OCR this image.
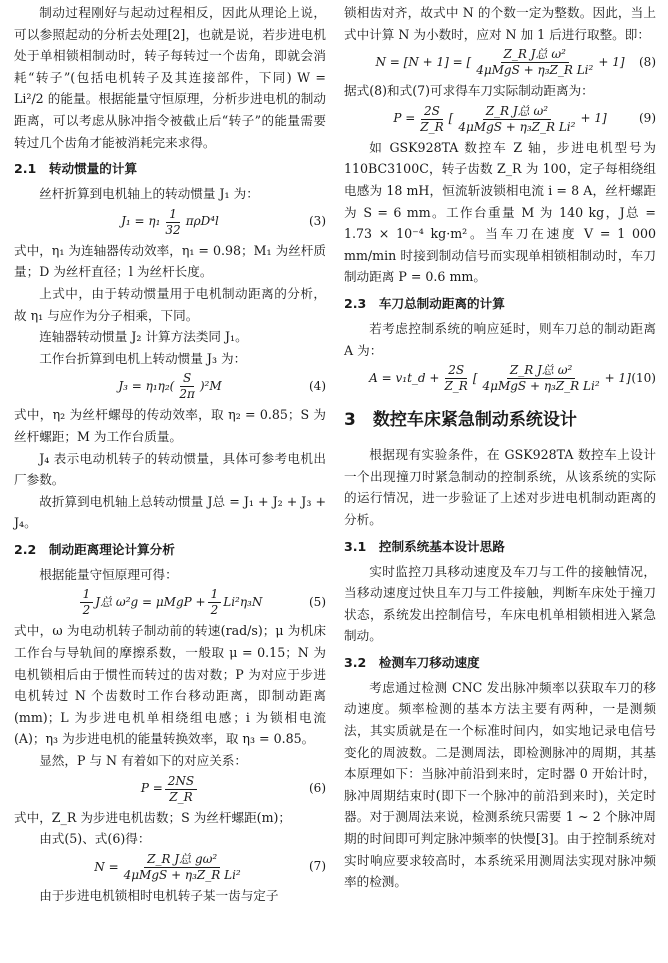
制动过程刚好与起动过程相反，因此从理论上说，可以参照起动的分析去处理[2]，也就是说，若步进电机处于单相锁相制动时，转子每转过一个齿角，即就会消耗“转子”(包括电机转子及其连接部件，下同) W = Li²/2 的能量。根据能量守恒原理，分析步进电机的制动距离，可以考虑从脉冲指令被截止后“转子”的能量需要转过几个齿角才能被消耗完来求得。

2.1　转动惯量的计算

丝杆折算到电机轴上的转动惯量 J₁ 为：

$J_1 = \eta_1 \frac{1}{32} \pi\rho D^4l$	(3)

式中，η₁ 为连轴器传动效率，η₁ = 0.98；M₁ 为丝杆质量；D 为丝杆直径；l 为丝杆长度。

上式中，由于转动惯量用于电机制动距离的分析，故 η₁ 与应作为分子相乘，下同。

连轴器转动惯量 J₂ 计算方法类同 J₁。

工作台折算到电机上转动惯量 J₃ 为：

$J_3 = \eta_1\eta_2( \frac{S}{2\pi} )^2M$	(4)

式中，η₂ 为丝杆螺母的传动效率，取 η₂ = 0.85；S 为丝杆螺距；M 为工作台质量。

J₄ 表示电动机转子的转动惯量，具体可参考电机出厂参数。

故折算到电机轴上总转动惯量 J总 = J₁ + J₂ + J₃ + J₄。

2.2　制动距离理论计算分析

根据能量守恒原理可得：

$\frac{1}{2}$ J总 $\omega^2g = \mu MgP + \frac{1}{2} Li^2\eta_3N$	(5)

式中，ω 为电动机转子制动前的转速(rad/s)；μ 为机床工作台与导轨间的摩擦系数，一般取 μ = 0.15；N 为电机锁相后由于惯性而转过的齿对数；P 为对应于步进电机转过 N 个齿数时工作台移动距离，即制动距离(mm)；L 为步进电机单相绕组电感；i 为锁相电流(A)；η₃ 为步进电机的能量转换效率，取 η₃ = 0.85。

显然，P 与 N 有着如下的对应关系：

$P = \frac{2NS}{Z\_R}$	(6)

式中，Z_R 为步进电机齿数；S 为丝杆螺距(m)；

由式(5)、式(6)得：

$N = \frac{\text{Z\_R J总 gω²}}{\text{4μMgS + η₃Z\_R Li²}}$	(7)

由于步进电机锁相时电机转子某一齿与定子

锁相齿对齐，故式中 N 的个数一定为整数。因此，当上式中计算 N 为小数时，应对 N 加 1 后进行取整。即：

N = [N + 1] = [ $\frac{\text{Z\_R J总 ω²}}{\text{4μMgS + η₃Z\_R Li²}} + 1$] (8)

据式(8)和式(7)可求得车刀实际制动距离为：

$P = \frac{2S}{Z\_R}$ [ $\frac{\text{Z\_R J总 ω²}}{\text{4μMgS + η₃Z\_R Li²}} + 1$]	(9)

如 GSK928TA 数控车 Z 轴，步进电机型号为 110BC3100C，转子齿数 Z_R 为 100，定子每相绕组电感为 18 mH，恒流斩波锁相电流 i = 8 A，丝杆螺距为 S = 6 mm。工作台重量 M 为 140 kg，J总 = 1.73 × 10⁻⁴ kg·m²。当车刀在速度 V = 1 000 mm/min 时接到制动信号而实现单相锁相制动时，车刀制动距离 P = 0.6 mm。

2.3　车刀总制动距离的计算

若考虑控制系统的响应延时，则车刀总的制动距离 A 为：

A = v₁t_d + $\frac{2S}{Z\_R}$ [ $\frac{\text{Z\_R J总 ω²}}{\text{4μMgS + η₃Z\_R Li²}} + 1$] (10)
3　数控车床紧急制动系统设计

根据现有实验条件，在 GSK928TA 数控车上设计一个出现撞刀时紧急制动的控制系统，从该系统的实际的运行情况，进一步验证了上述对步进电机制动距离的分析。

3.1　控制系统基本设计思路

实时监控刀具移动速度及车刀与工件的接触情况，当移动速度过快且车刀与工件接触，判断车床处于撞刀状态，系统发出控制信号，车床电机单相锁相进入紧急制动。

3.2　检测车刀移动速度

考虑通过检测 CNC 发出脉冲频率以获取车刀的移动速度。频率检测的基本方法主要有两种，一是测频法，其实质就是在一个标准时间内，如实地记录电信号变化的周波数。二是测周法，即检测脉冲的周期，其基本原理如下：当脉冲前沿到来时，定时器 0 开始计时，脉冲周期结束时(即下一个脉冲的前沿到来时)，关定时器。对于测周法来说，检测系统只需要 1 ~ 2 个脉冲周期的时间即可判定脉冲频率的快慢[3]。由于控制系统对实时响应要求较高时，本系统采用测周法实现对脉冲频率的检测。
